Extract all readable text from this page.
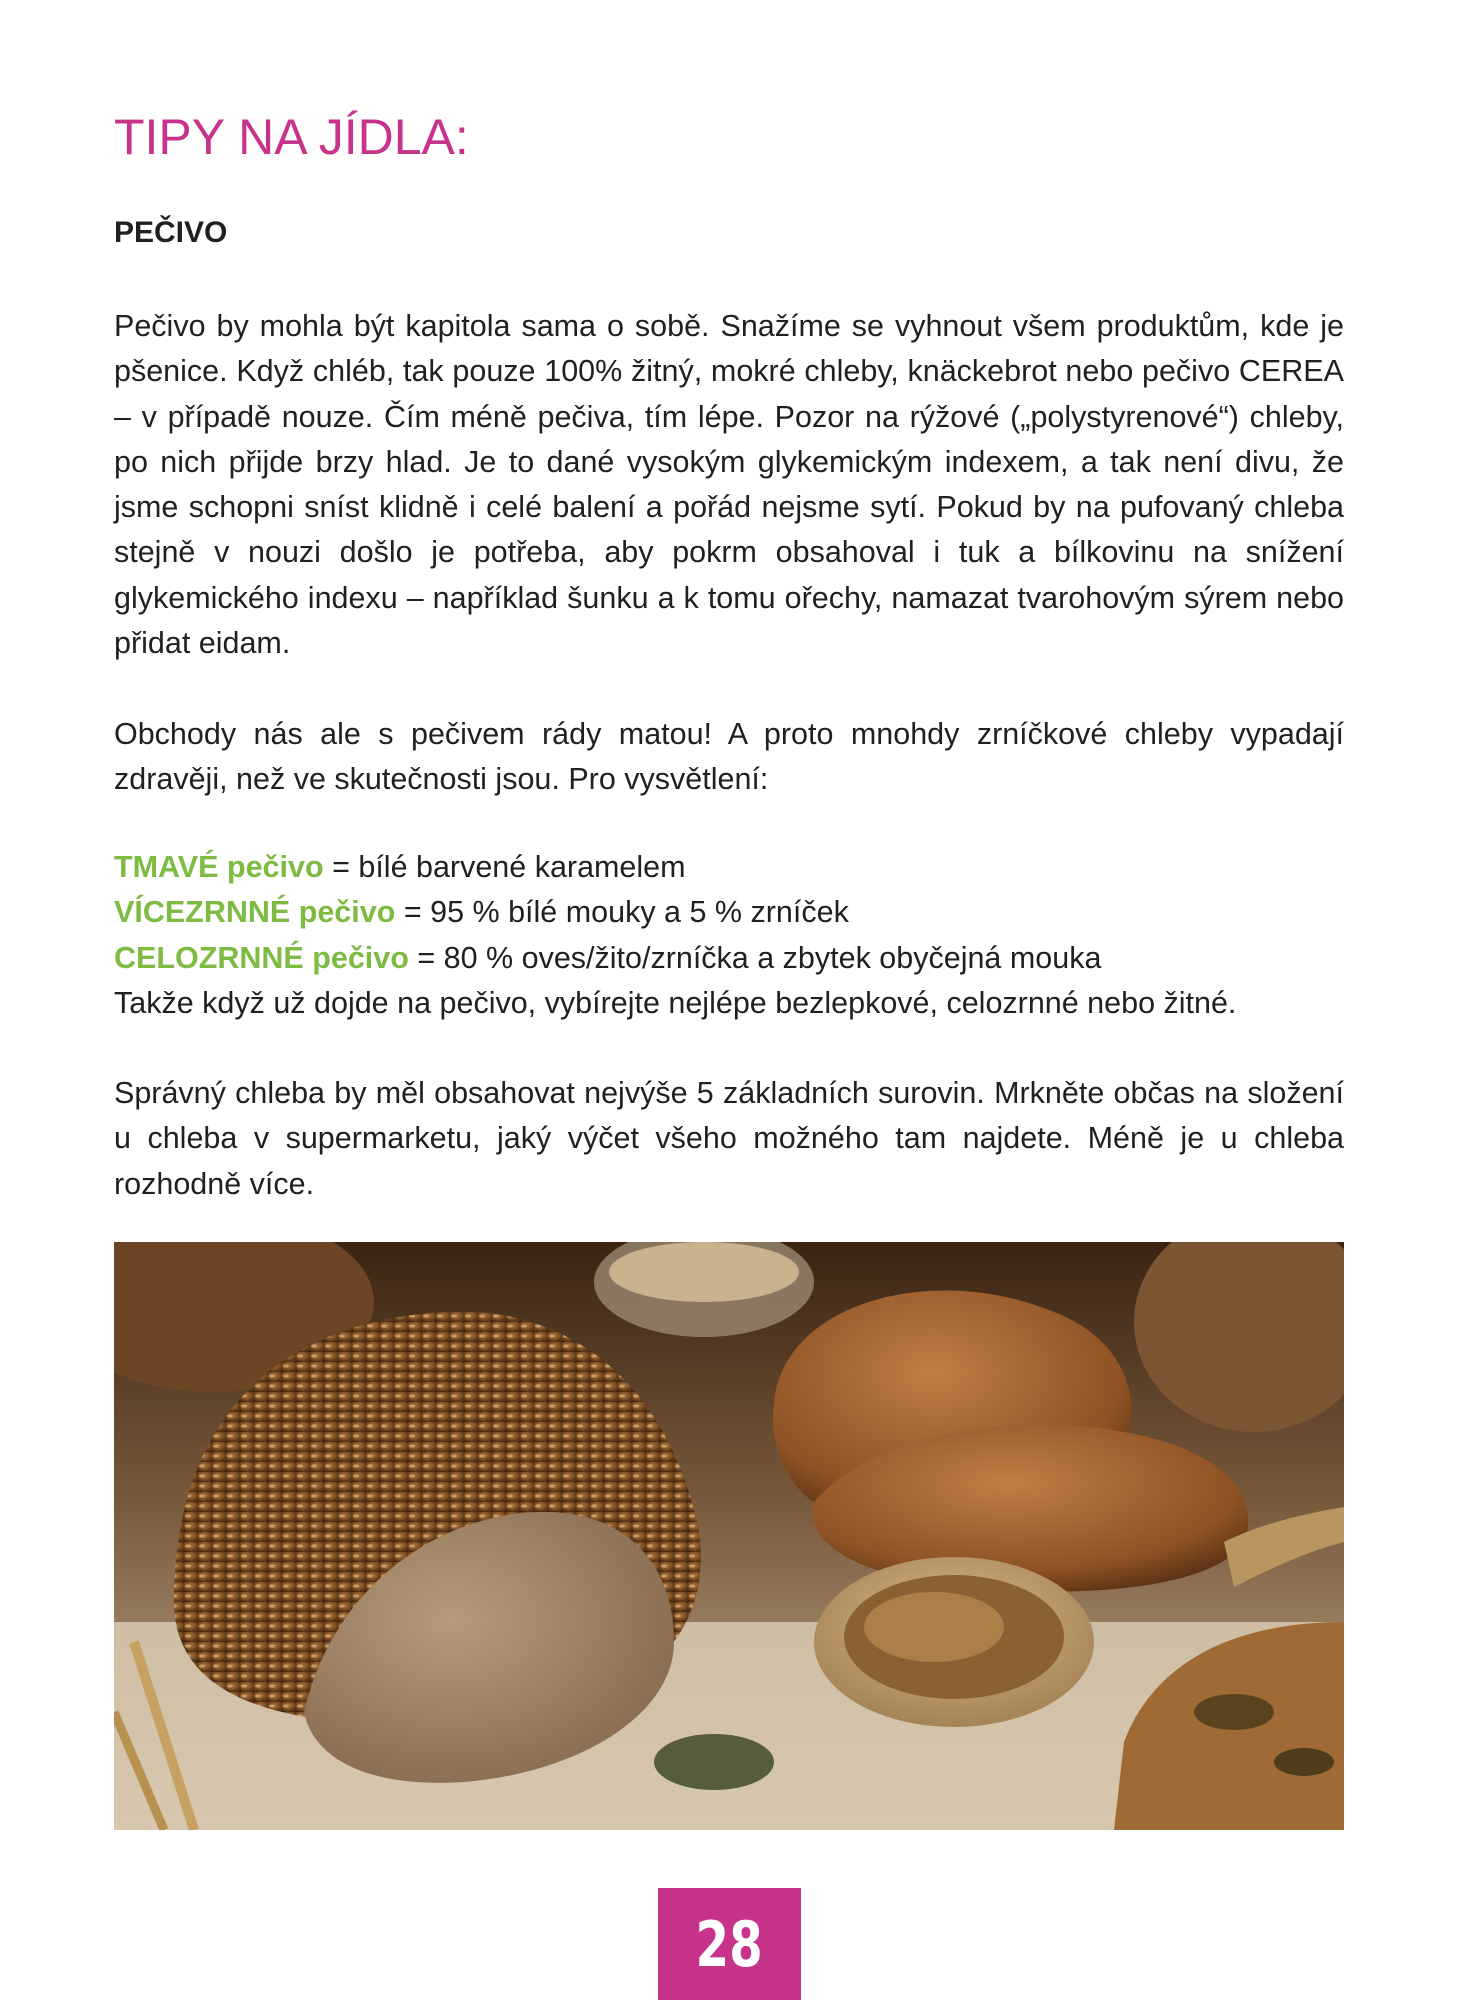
TIPY NA JÍDLA:
PEČIVO

Pečivo by mohla být kapitola sama o sobě. Snažíme se vyhnout všem produktům, kde je pšenice. Když chléb, tak pouze 100% žitný, mokré chleby, knäckebrot nebo pečivo CEREA – v případě nouze. Čím méně pečiva, tím lépe. Pozor na rýžové („polystyrenové“) chleby, po nich přijde brzy hlad. Je to dané vysokým glykemickým indexem, a tak není divu, že jsme schopni sníst klidně i celé balení a pořád nejsme sytí. Pokud by na pufovaný chleba stejně v nouzi došlo je potřeba, aby pokrm obsahoval i tuk a bílkovinu na snížení glykemického indexu – například šunku a k tomu ořechy, namazat tvarohovým sýrem nebo přidat eidam.

Obchody nás ale s pečivem rády matou! A proto mnohdy zrníčkové chleby vypadají zdravěji, než ve skutečnosti jsou. Pro vysvětlení:

TMAVÉ pečivo = bílé barvené karamelem
VÍCEZRNNÉ pečivo = 95 % bílé mouky a 5 % zrníček
CELOZRNNÉ pečivo = 80 % oves/žito/zrníčka a zbytek obyčejná mouka
Takže když už dojde na pečivo, vybírejte nejlépe bezlepkové, celozrnné nebo žitné.

Správný chleba by měl obsahovat nejvýše 5 základních surovin. Mrkněte občas na složení u chleba v supermarketu, jaký výčet všeho možného tam najdete. Méně je u chleba rozhodně více.

28
